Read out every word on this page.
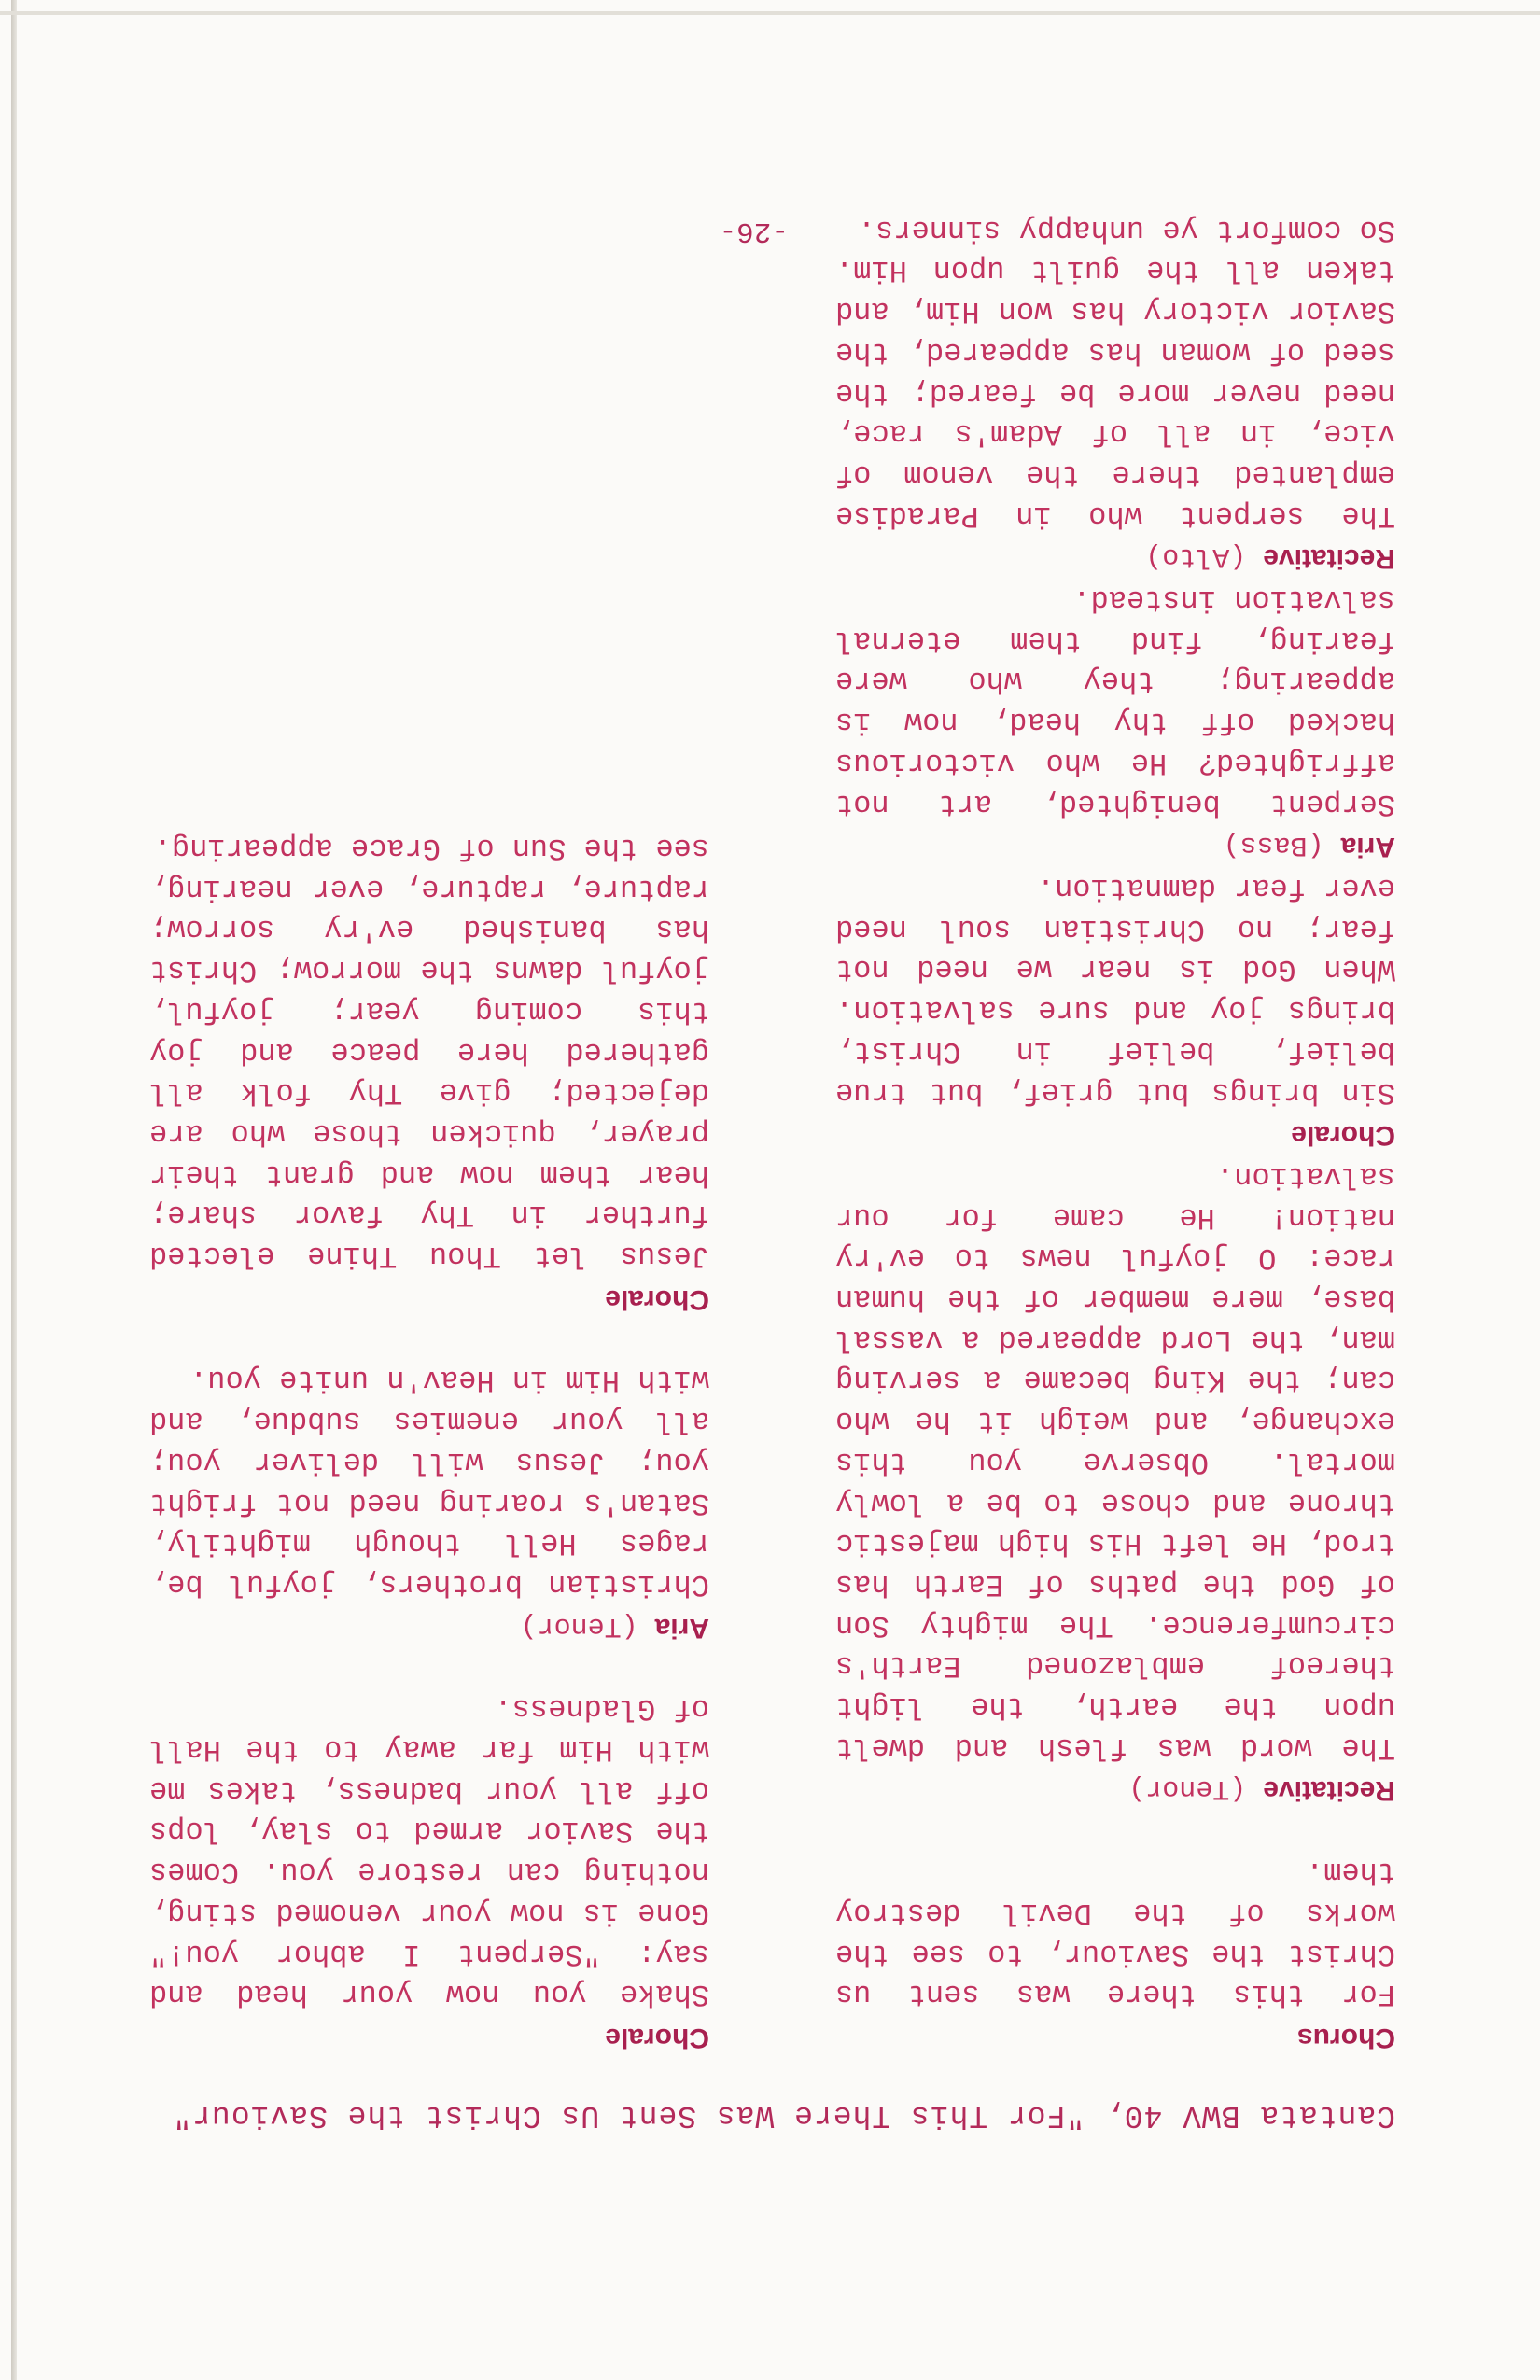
Cantata BWV 40, "For This There Was Sent Us Christ the Saviour"
Chorus
For this there was sent us Christ the Saviour, to see the works of the Devil destroy them.
Recitative (Tenor)
The word was flesh and dwelt upon the earth, the light thereof emblazoned Earth's circumference. The mighty Son of God the paths of Earth has trod, He left His high majestic throne and chose to be a lowly mortal. Observe you this exchange, and weigh it he who can; the King became a serving man, the Lord appeared a vassal base, mere member of the human race: O joyful news to ev'ry nation! He came for our salvation.
Chorale
Sin brings but grief, but true belief, belief in Christ, brings joy and sure salvation. When God is near we need not fear; no Christian soul need ever fear damnation.
Aria (Bass)
Serpent benighted, art not affrighted? He who victorious hacked off thy head, now is appearing; they who were fearing, find them eternal salvation instead.
Recitative (Alto)
The serpent who in Paradise emplanted there the venom of vice, in all of Adam's race, need never more be feared; the seed of woman has appeared, the Savior victory has won Him, and taken all the guilt upon Him. So comfort ye unhappy sinners.
Chorale
Shake you now your head and say: "Serpent I abhor you!" Gone is now your venomed sting, nothing can restore you. Comes the Savior armed to slay, lops off all your badness, takes me with Him far away to the Hall of Gladness.
Aria (Tenor)
Christian brothers, joyful be, rages Hell though mightily, Satan's roaring need not fright you; Jesus will deliver you; all your enemies subdue, and with Him in Heav'n unite you.
Chorale
Jesus let Thou Thine elected further in Thy favor share; hear them now and grant their prayer, quicken those who are dejected; give Thy folk all gathered here peace and joy this coming year; joyful, joyful dawns the morrow; Christ has banished ev'ry sorrow; rapture, rapture, ever nearing, see the Sun of Grace appearing.
-26-
